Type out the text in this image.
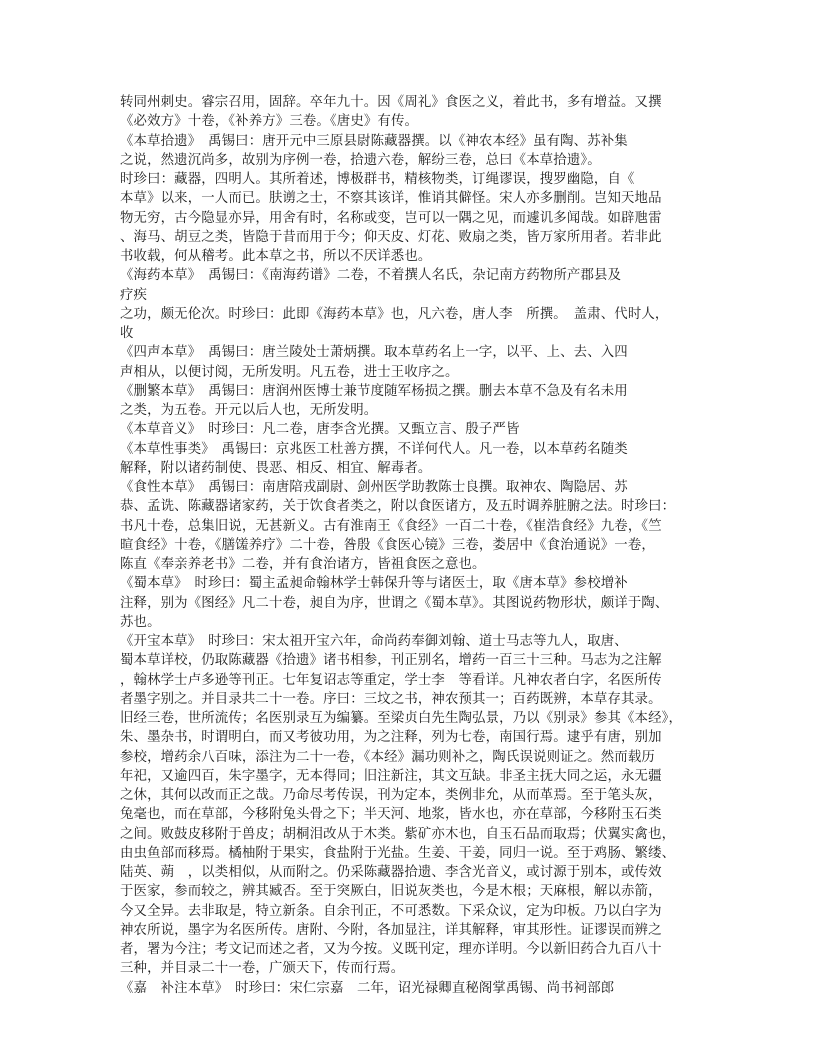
转同州刺史。睿宗召用，固辞。卒年九十。因《周礼》食医之义，着此书，多有增益。又撰
《必效方》十卷，《补养方》三卷。《唐史》有传。
《本草拾遗》　禹锡曰：唐开元中三原县尉陈藏器撰。以《神农本经》虽有陶、苏补集
之说，然遗沉尚多，故别为序例一卷，拾遗六卷，解纷三卷，总曰《本草拾遗》。
时珍曰：藏器，四明人。其所着述，博极群书，精核物类，订绳谬误，搜罗幽隐，自《
本草》以来，一人而已。肤谫之士，不察其该详，惟诮其僻怪。宋人亦多删削。岂知天地品
物无穷，古今隐显亦异，用舍有时，名称或变，岂可以一隅之见，而遽讥多闻哉。如辟虺雷
、海马、胡豆之类，皆隐于昔而用于今；仰天皮、灯花、败扇之类，皆万家所用者。若非此
书收载，何从稽考。此本草之书，所以不厌详悉也。
《海药本草》　禹锡曰：《南海药谱》二卷，不着撰人名氏，杂记南方药物所产郡县及
疗疾
之功，颇无伦次。时珍曰：此即《海药本草》也，凡六卷，唐人李　所撰。　盖肃、代时人，
收
《四声本草》　禹锡曰：唐兰陵处士萧炳撰。取本草药名上一字，以平、上、去、入四
声相从，以便讨阅，无所发明。凡五卷，进士王收序之。
《删繁本草》　禹锡曰：唐润州医博士兼节度随军杨损之撰。删去本草不急及有名未用
之类，为五卷。开元以后人也，无所发明。
《本草音义》　时珍曰：凡二卷，唐李含光撰。又甄立言、殷子严皆
《本草性事类》　禹锡曰：京兆医工杜善方撰，不详何代人。凡一卷，以本草药名随类
解释，附以诸药制使、畏恶、相反、相宜、解毒者。
《食性本草》　禹锡曰：南唐陪戎副尉、剑州医学助教陈士良撰。取神农、陶隐居、苏
恭、孟诜、陈藏器诸家药，关于饮食者类之，附以食医诸方，及五时调养脏腑之法。时珍曰：
书凡十卷，总集旧说，无甚新义。古有淮南王《食经》一百二十卷，《崔浩食经》九卷，《竺
暄食经》十卷，《膳馐养疗》二十卷，昝殷《食医心镜》三卷，娄居中《食治通说》一卷，
陈直《奉亲养老书》二卷，并有食治诸方，皆祖食医之意也。
《蜀本草》　时珍曰：蜀主孟昶命翰林学士韩保升等与诸医士，取《唐本草》参校增补
注释，别为《图经》凡二十卷，昶自为序，世谓之《蜀本草》。其图说药物形状，颇详于陶、
苏也。
《开宝本草》　时珍曰：宋太祖开宝六年，命尚药奉御刘翰、道士马志等九人，取唐、
蜀本草详校，仍取陈藏器《拾遗》诸书相参，刊正别名，增药一百三十三种。马志为之注解
，翰林学士卢多逊等刊正。七年复诏志等重定，学士李　等看详。凡神农者白字，名医所传
者墨字别之。并目录共二十一卷。序曰：三坟之书，神农预其一；百药既辨，本草存其录。
旧经三卷，世所流传；名医别录互为编纂。至梁贞白先生陶弘景，乃以《别录》参其《本经》，
朱、墨杂书，时谓明白，而又考彼功用，为之注释，列为七卷，南国行焉。逮乎有唐，别加
参校，增药余八百味，添注为二十一卷，《本经》漏功则补之，陶氏误说则证之。然而载历
年祀，又逾四百，朱字墨字，无本得同；旧注新注，其文互缺。非圣主抚大同之运，永无疆
之休，其何以改而正之哉。乃命尽考传误，刊为定本，类例非允，从而革焉。至于笔头灰，
兔毫也，而在草部，今移附兔头骨之下；半天河、地浆，皆水也，亦在草部，今移附玉石类
之间。败鼓皮移附于兽皮；胡桐泪改从于木类。紫矿亦木也，自玉石品而取焉；伏翼实禽也，
由虫鱼部而移焉。橘柚附于果实，食盐附于光盐。生姜、干姜，同归一说。至于鸡肠、繁缕、
陆英、蒴　，以类相似，从而附之。仍采陈藏器拾遗、李含光音义，或讨源于别本，或传效
于医家，参而较之，辨其臧否。至于突厥白，旧说灰类也，今是木根；天麻根，解以赤箭，
今又全异。去非取是，特立新条。自余刊正，不可悉数。下采众议，定为印板。乃以白字为
神农所说，墨字为名医所传。唐附、今附，各加显注，详其解释，审其形性。证谬误而辨之
者，署为今注；考文记而述之者，又为今按。义既刊定，理亦详明。今以新旧药合九百八十
三种，并目录二十一卷，广颁天下，传而行焉。
《嘉　补注本草》　时珍曰：宋仁宗嘉　二年，诏光禄卿直秘阁掌禹锡、尚书祠部郎
